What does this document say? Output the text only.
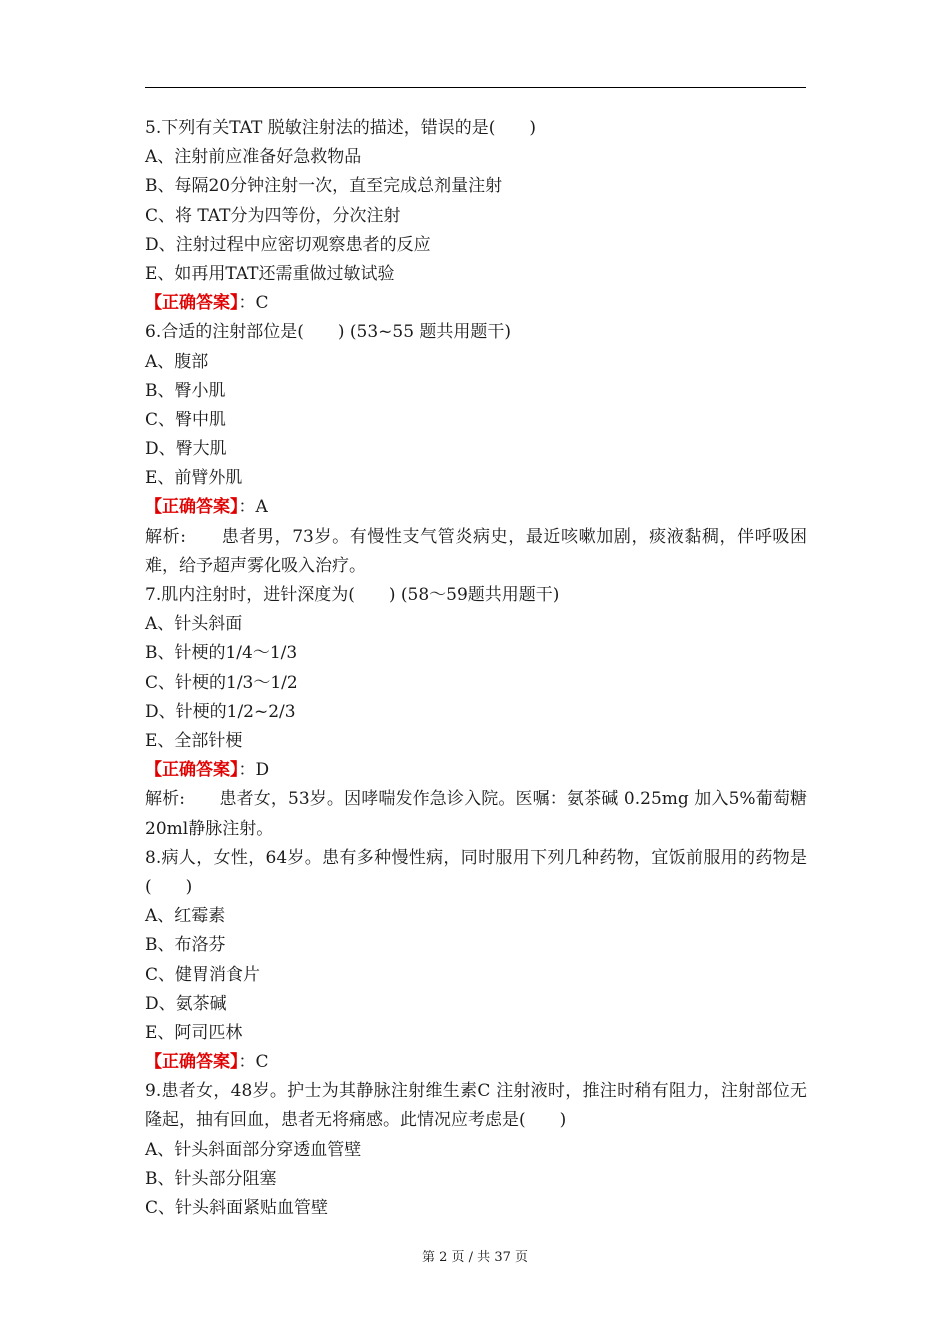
5.下列有关TAT 脱敏注射法的描述，错误的是(　　)
A、注射前应准备好急救物品
B、每隔20分钟注射一次，直至完成总剂量注射
C、将 TAT分为四等份，分次注射
D、注射过程中应密切观察患者的反应
E、如再用TAT还需重做过敏试验
【正确答案】：C
6.合适的注射部位是(　　) (53~55 题共用题干)
A、腹部
B、臀小肌
C、臀中肌
D、臀大肌
E、前臂外肌
【正确答案】：A
解析:　　患者男，73岁。有慢性支气管炎病史，最近咳嗽加剧，痰液黏稠，伴呼吸困难，给予超声雾化吸入治疗。
7.肌内注射时，进针深度为(　　) (58～59题共用题干)
A、针头斜面
B、针梗的1/4～1/3
C、针梗的1/3～1/2
D、针梗的1/2~2/3
E、全部针梗
【正确答案】：D
解析:　　患者女，53岁。因哮喘发作急诊入院。医嘱：氨茶碱 0.25mg 加入5%葡萄糖20ml静脉注射。
8.病人，女性，64岁。患有多种慢性病，同时服用下列几种药物，宜饭前服用的药物是(　　)
A、红霉素
B、布洛芬
C、健胃消食片
D、氨茶碱
E、阿司匹林
【正确答案】：C
9.患者女，48岁。护士为其静脉注射维生素C 注射液时，推注时稍有阻力，注射部位无隆起，抽有回血，患者无将痛感。此情况应考虑是(　　)
A、针头斜面部分穿透血管壁
B、针头部分阻塞
C、针头斜面紧贴血管壁
第 2 页 / 共 37 页
